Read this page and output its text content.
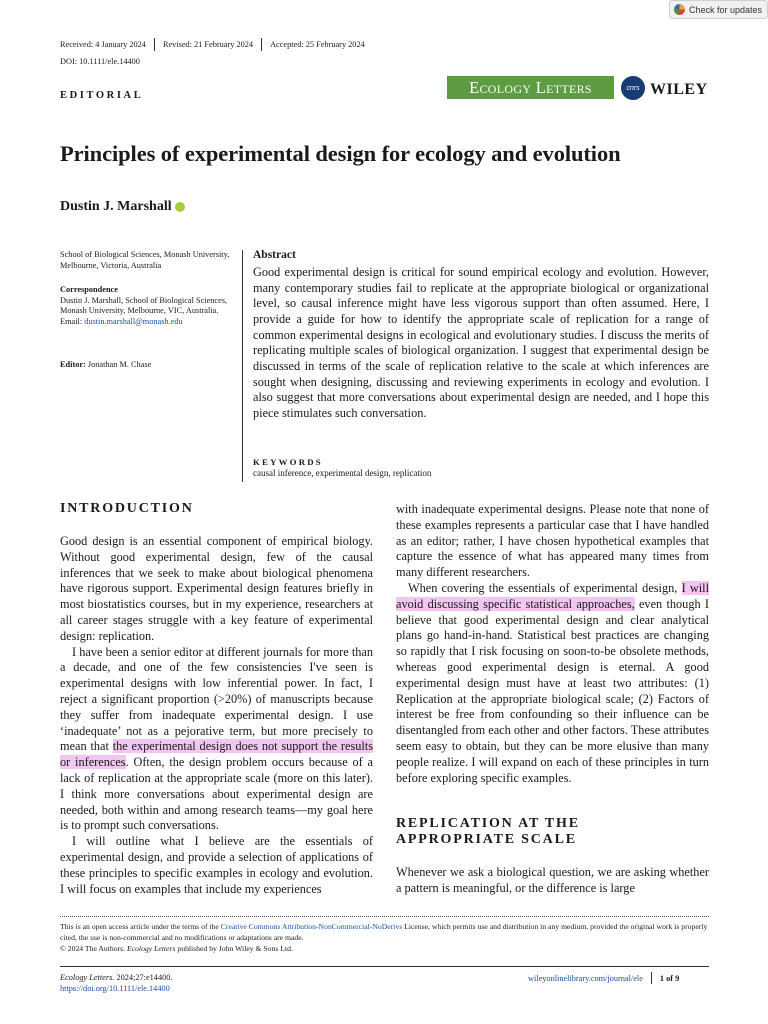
Check for updates
Received: 4 January 2024 Revised: 21 February 2024 Accepted: 25 February 2024
DOI: 10.1111/ele.14400
EDITORIAL	Ecology Letters	cnrs WILEY
Principles of experimental design for ecology and evolution
Dustin J. Marshall
School of Biological Sciences, Monash University, Melbourne, Victoria, Australia
Correspondence
Dustin J. Marshall, School of Biological Sciences, Monash University, Melbourne, VIC, Australia.
Email: dustin.marshall@monash.edu
Editor: Jonathan M. Chase
Abstract
Good experimental design is critical for sound empirical ecology and evolution. However, many contemporary studies fail to replicate at the appropriate biological or organizational level, so causal inference might have less vigorous support than often assumed. Here, I provide a guide for how to identify the appropriate scale of replication for a range of common experimental designs in ecological and evolutionary studies. I discuss the merits of replicating multiple scales of biological organization. I suggest that experimental design be discussed in terms of the scale of replication relative to the scale at which inferences are sought when designing, discussing and reviewing experiments in ecology and evolution. I also suggest that more conversations about experimental design are needed, and I hope this piece stimulates such conversation.
KEYWORDS
causal inference, experimental design, replication
INTRODUCTION

Good design is an essential component of empirical biology. Without good experimental design, few of the causal inferences that we seek to make about biological phenomena have rigorous support. Experimental design features briefly in most biostatistics courses, but in my experience, researchers at all career stages struggle with a key feature of experimental design: replication.

I have been a senior editor at different journals for more than a decade, and one of the few consistencies I've seen is experimental designs with low inferential power. In fact, I reject a significant proportion (>20%) of manuscripts because they suffer from inadequate experimental design. I use ‘inadequate’ not as a pejorative term, but more precisely to mean that the experimental design does not support the results or inferences. Often, the design problem occurs because of a lack of replication at the appropriate scale (more on this later). I think more conversations about experimental design are needed, both within and among research teams—my goal here is to prompt such conversations.

I will outline what I believe are the essentials of experimental design, and provide a selection of applications of these principles to specific examples in ecology and evolution. I will focus on examples that include my experiences

with inadequate experimental designs. Please note that none of these examples represents a particular case that I have handled as an editor; rather, I have chosen hypothetical examples that capture the essence of what has appeared many times from many different researchers.

When covering the essentials of experimental design, I will avoid discussing specific statistical approaches, even though I believe that good experimental design and clear analytical plans go hand-in-hand. Statistical best practices are changing so rapidly that I risk focusing on soon-to-be obsolete methods, whereas good experimental design is eternal. A good experimental design must have at least two attributes: (1) Replication at the appropriate biological scale; (2) Factors of interest be free from confounding so their influence can be disentangled from each other and other factors. These attributes seem easy to obtain, but they can be more elusive than many people realize. I will expand on each of these principles in turn before exploring specific examples.

REPLICATION AT THE APPROPRIATE SCALE

Whenever we ask a biological question, we are asking whether a pattern is meaningful, or the difference is large

This is an open access article under the terms of the Creative Commons Attribution-NonCommercial-NoDerivs License, which permits use and distribution in any medium, provided the original work is properly cited, the use is non-commercial and no modifications or adaptations are made.
© 2024 The Authors. Ecology Letters published by John Wiley & Sons Ltd.
Ecology Letters. 2024;27:e14400.
https://doi.org/10.1111/ele.14400
wileyonlinelibrary.com/journal/ele 1 of 9
